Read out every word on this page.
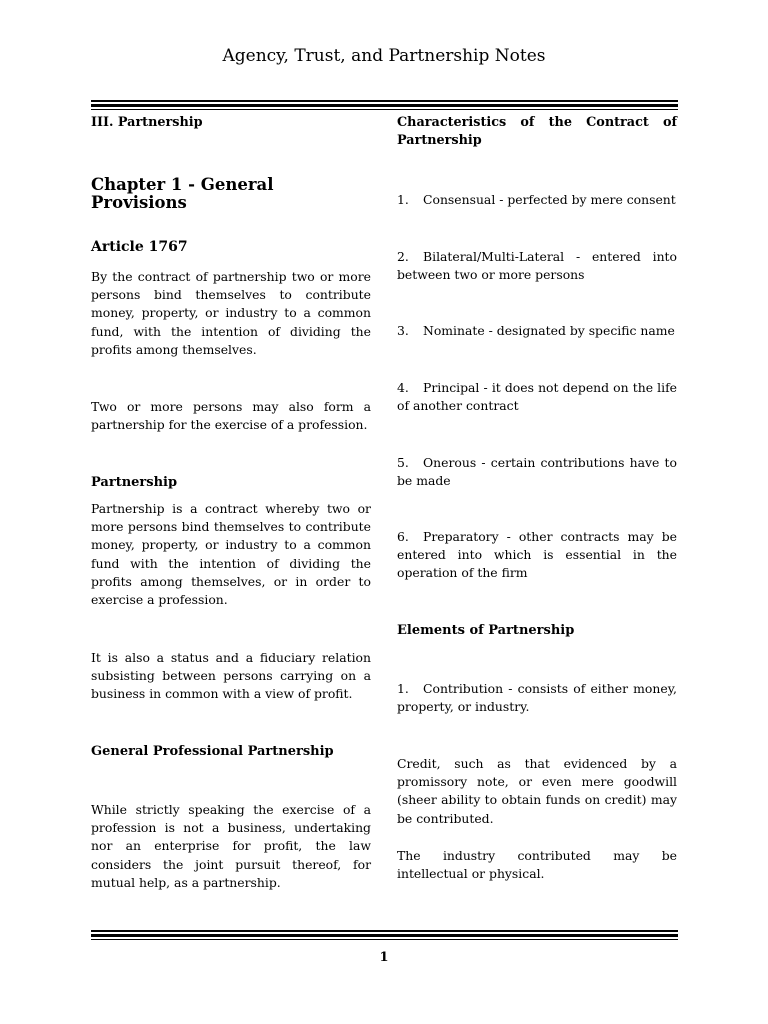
Agency, Trust, and Partnership Notes

III. Partnership

Chapter 1 - General Provisions

Article 1767

By the contract of partnership two or more persons bind themselves to contribute money, property, or industry to a common fund, with the intention of dividing the profits among themselves.

Two or more persons may also form a partnership for the exercise of a profession.

Partnership

Partnership is a contract whereby two or more persons bind themselves to contribute money, property, or industry to a common fund with the intention of dividing the profits among themselves, or in order to exercise a profession.

It is also a status and a fiduciary relation subsisting between persons carrying on a business in common with a view of profit.

General Professional Partnership

While strictly speaking the exercise of a profession is not a business, undertaking nor an enterprise for profit, the law considers the joint pursuit thereof, for mutual help, as a partnership.

Characteristics of the Contract of Partnership

1. Consensual - perfected by mere consent

2. Bilateral/Multi-Lateral - entered into between two or more persons

3. Nominate - designated by specific name

4. Principal - it does not depend on the life of another contract

5. Onerous - certain contributions have to be made

6. Preparatory - other contracts may be entered into which is essential in the operation of the firm

Elements of Partnership

1. Contribution - consists of either money, property, or industry.

Credit, such as that evidenced by a promissory note, or even mere goodwill (sheer ability to obtain funds on credit) may be contributed.

The industry contributed may be intellectual or physical.

1
